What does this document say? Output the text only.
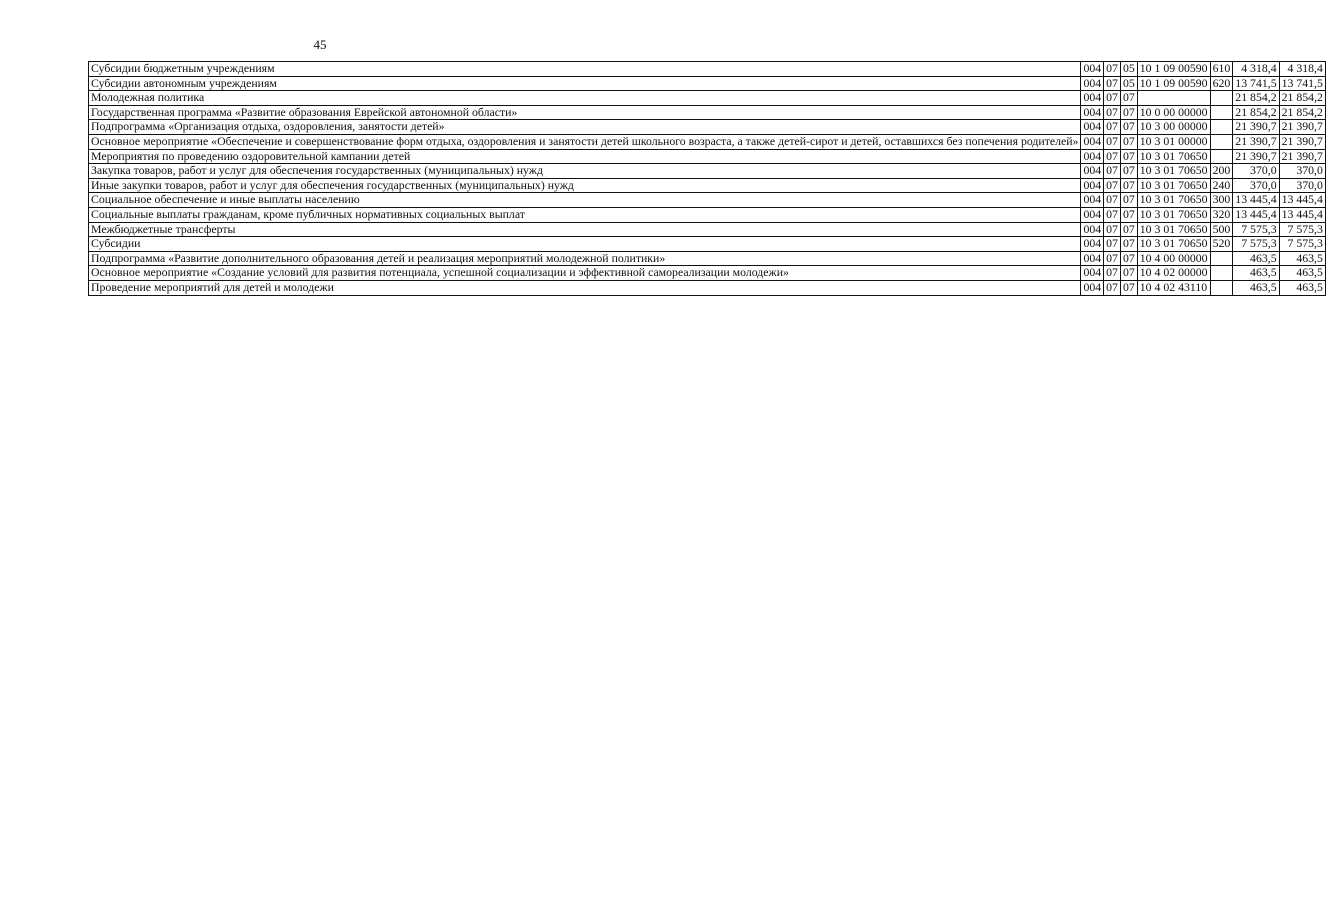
45
Субсидии бюджетным учреждениям	004	07	05	10 1 09 00590	610	4 318,4	4 318,4
Субсидии автономным учреждениям	004	07	05	10 1 09 00590	620	13 741,5	13 741,5
Молодежная политика	004	07	07			21 854,2	21 854,2
Государственная программа «Развитие образования Еврейской автономной области»	004	07	07	10 0 00 00000		21 854,2	21 854,2
Подпрограмма «Организация отдыха, оздоровления, занятости детей»	004	07	07	10 3 00 00000		21 390,7	21 390,7
Основное мероприятие «Обеспечение и совершенствование форм отдыха, оздоровления и занятости детей школьного возраста, а также детей-сирот и детей, оставшихся без попечения родителей»	004	07	07	10 3 01 00000		21 390,7	21 390,7
Мероприятия по проведению оздоровительной кампании детей	004	07	07	10 3 01 70650		21 390,7	21 390,7
Закупка товаров, работ и услуг для обеспечения государственных (муниципальных) нужд	004	07	07	10 3 01 70650	200	370,0	370,0
Иные закупки товаров, работ и услуг для обеспечения государственных (муниципальных) нужд	004	07	07	10 3 01 70650	240	370,0	370,0
Социальное обеспечение и иные выплаты населению	004	07	07	10 3 01 70650	300	13 445,4	13 445,4
Социальные выплаты гражданам, кроме публичных нормативных социальных выплат	004	07	07	10 3 01 70650	320	13 445,4	13 445,4
Межбюджетные трансферты	004	07	07	10 3 01 70650	500	7 575,3	7 575,3
Субсидии	004	07	07	10 3 01 70650	520	7 575,3	7 575,3
Подпрограмма «Развитие дополнительного образования детей и реализация мероприятий молодежной политики»	004	07	07	10 4 00 00000		463,5	463,5
Основное мероприятие «Создание условий для развития потенциала, успешной социализации и эффективной самореализации молодежи»	004	07	07	10 4 02 00000		463,5	463,5
Проведение мероприятий для детей и молодежи	004	07	07	10 4 02 43110		463,5	463,5
